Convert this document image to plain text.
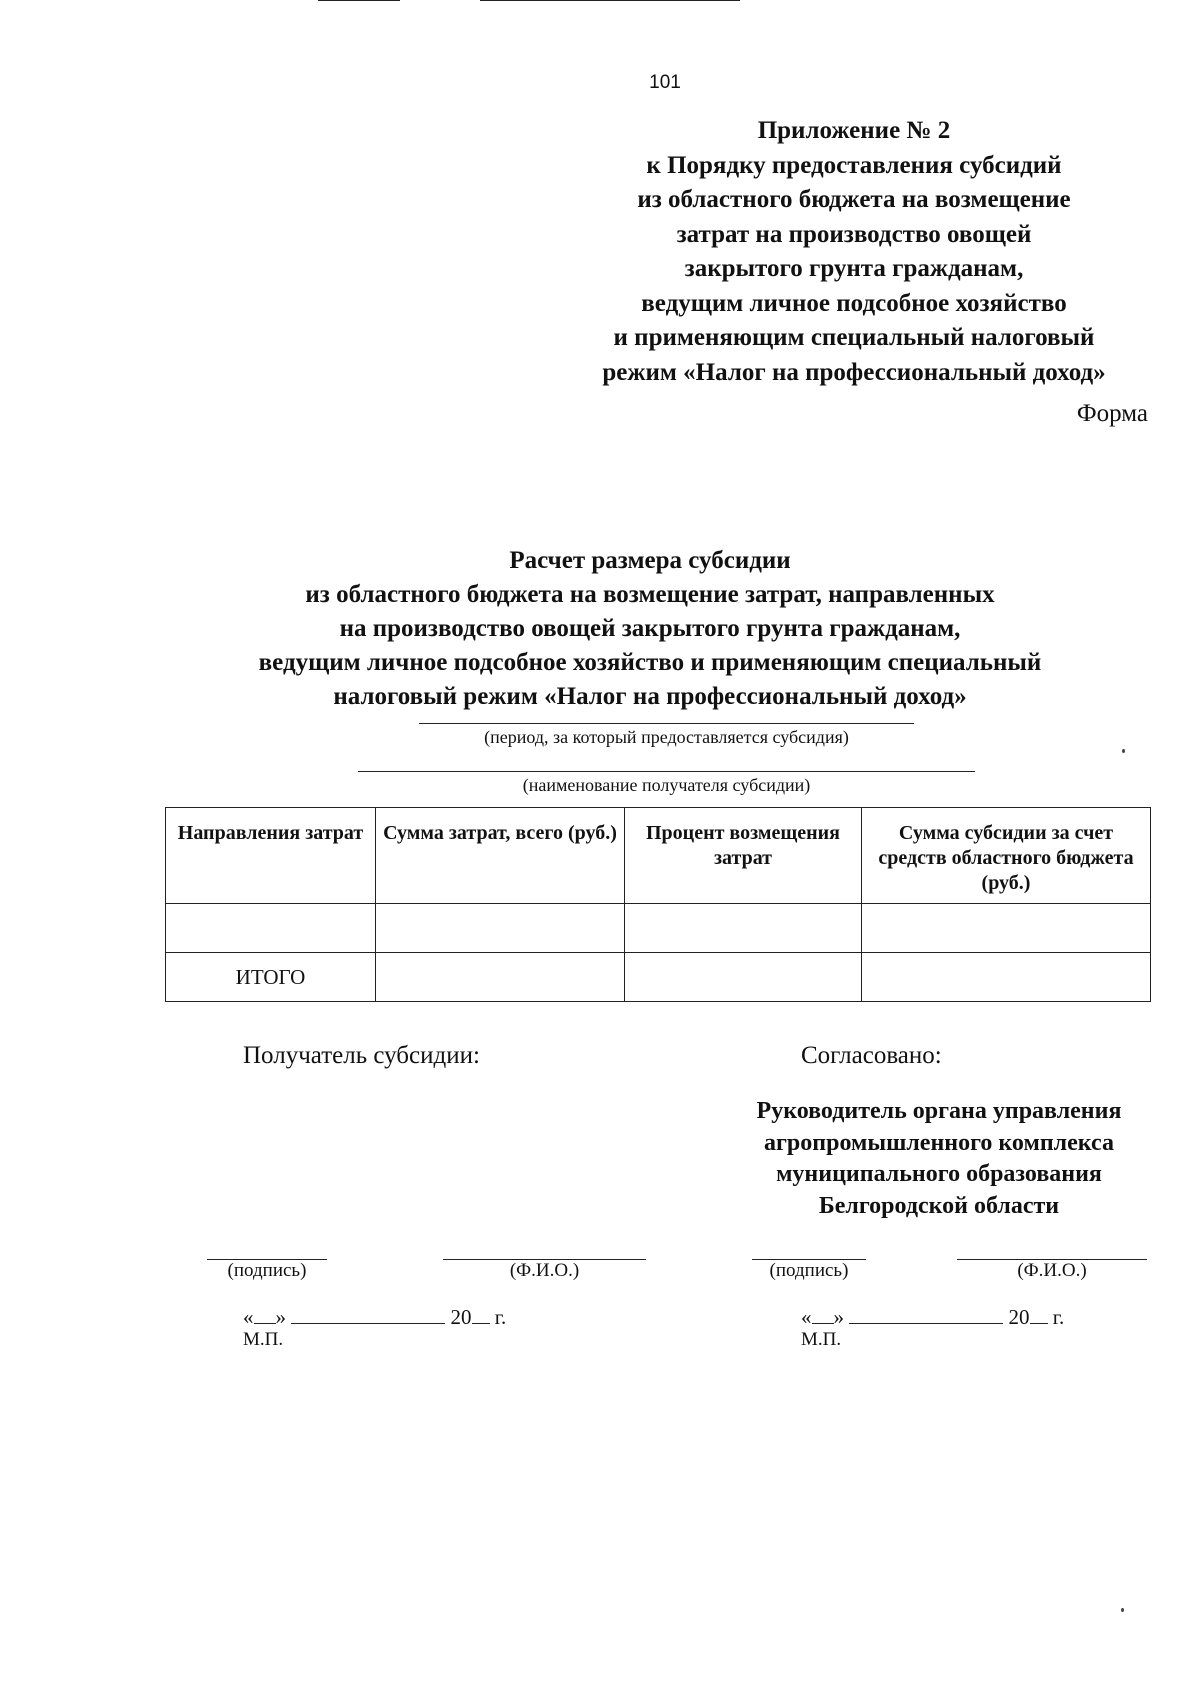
101
Приложение № 2
к Порядку предоставления субсидий
из областного бюджета на возмещение
затрат на производство овощей
закрытого грунта гражданам,
ведущим личное подсобное хозяйство
и применяющим специальный налоговый
режим «Налог на профессиональный доход»
Форма
Расчет размера субсидии
из областного бюджета на возмещение затрат, направленных
на производство овощей закрытого грунта гражданам,
ведущим личное подсобное хозяйство и применяющим специальный
налоговый режим «Налог на профессиональный доход»
(период, за который предоставляется субсидия)
(наименование получателя субсидии)
Направления затрат	Сумма затрат, всего (руб.)	Процент возмещения затрат	Сумма субсидии за счет средств областного бюджета (руб.)

ИТОГО			
Получатель субсидии:
(подпись)	(Ф.И.О.)
« »	20 г.
М.П.
Согласовано:
Руководитель органа управления
агропромышленного комплекса
муниципального образования
Белгородской области
(подпись)	(Ф.И.О.)
« »	20 г.
М.П.
